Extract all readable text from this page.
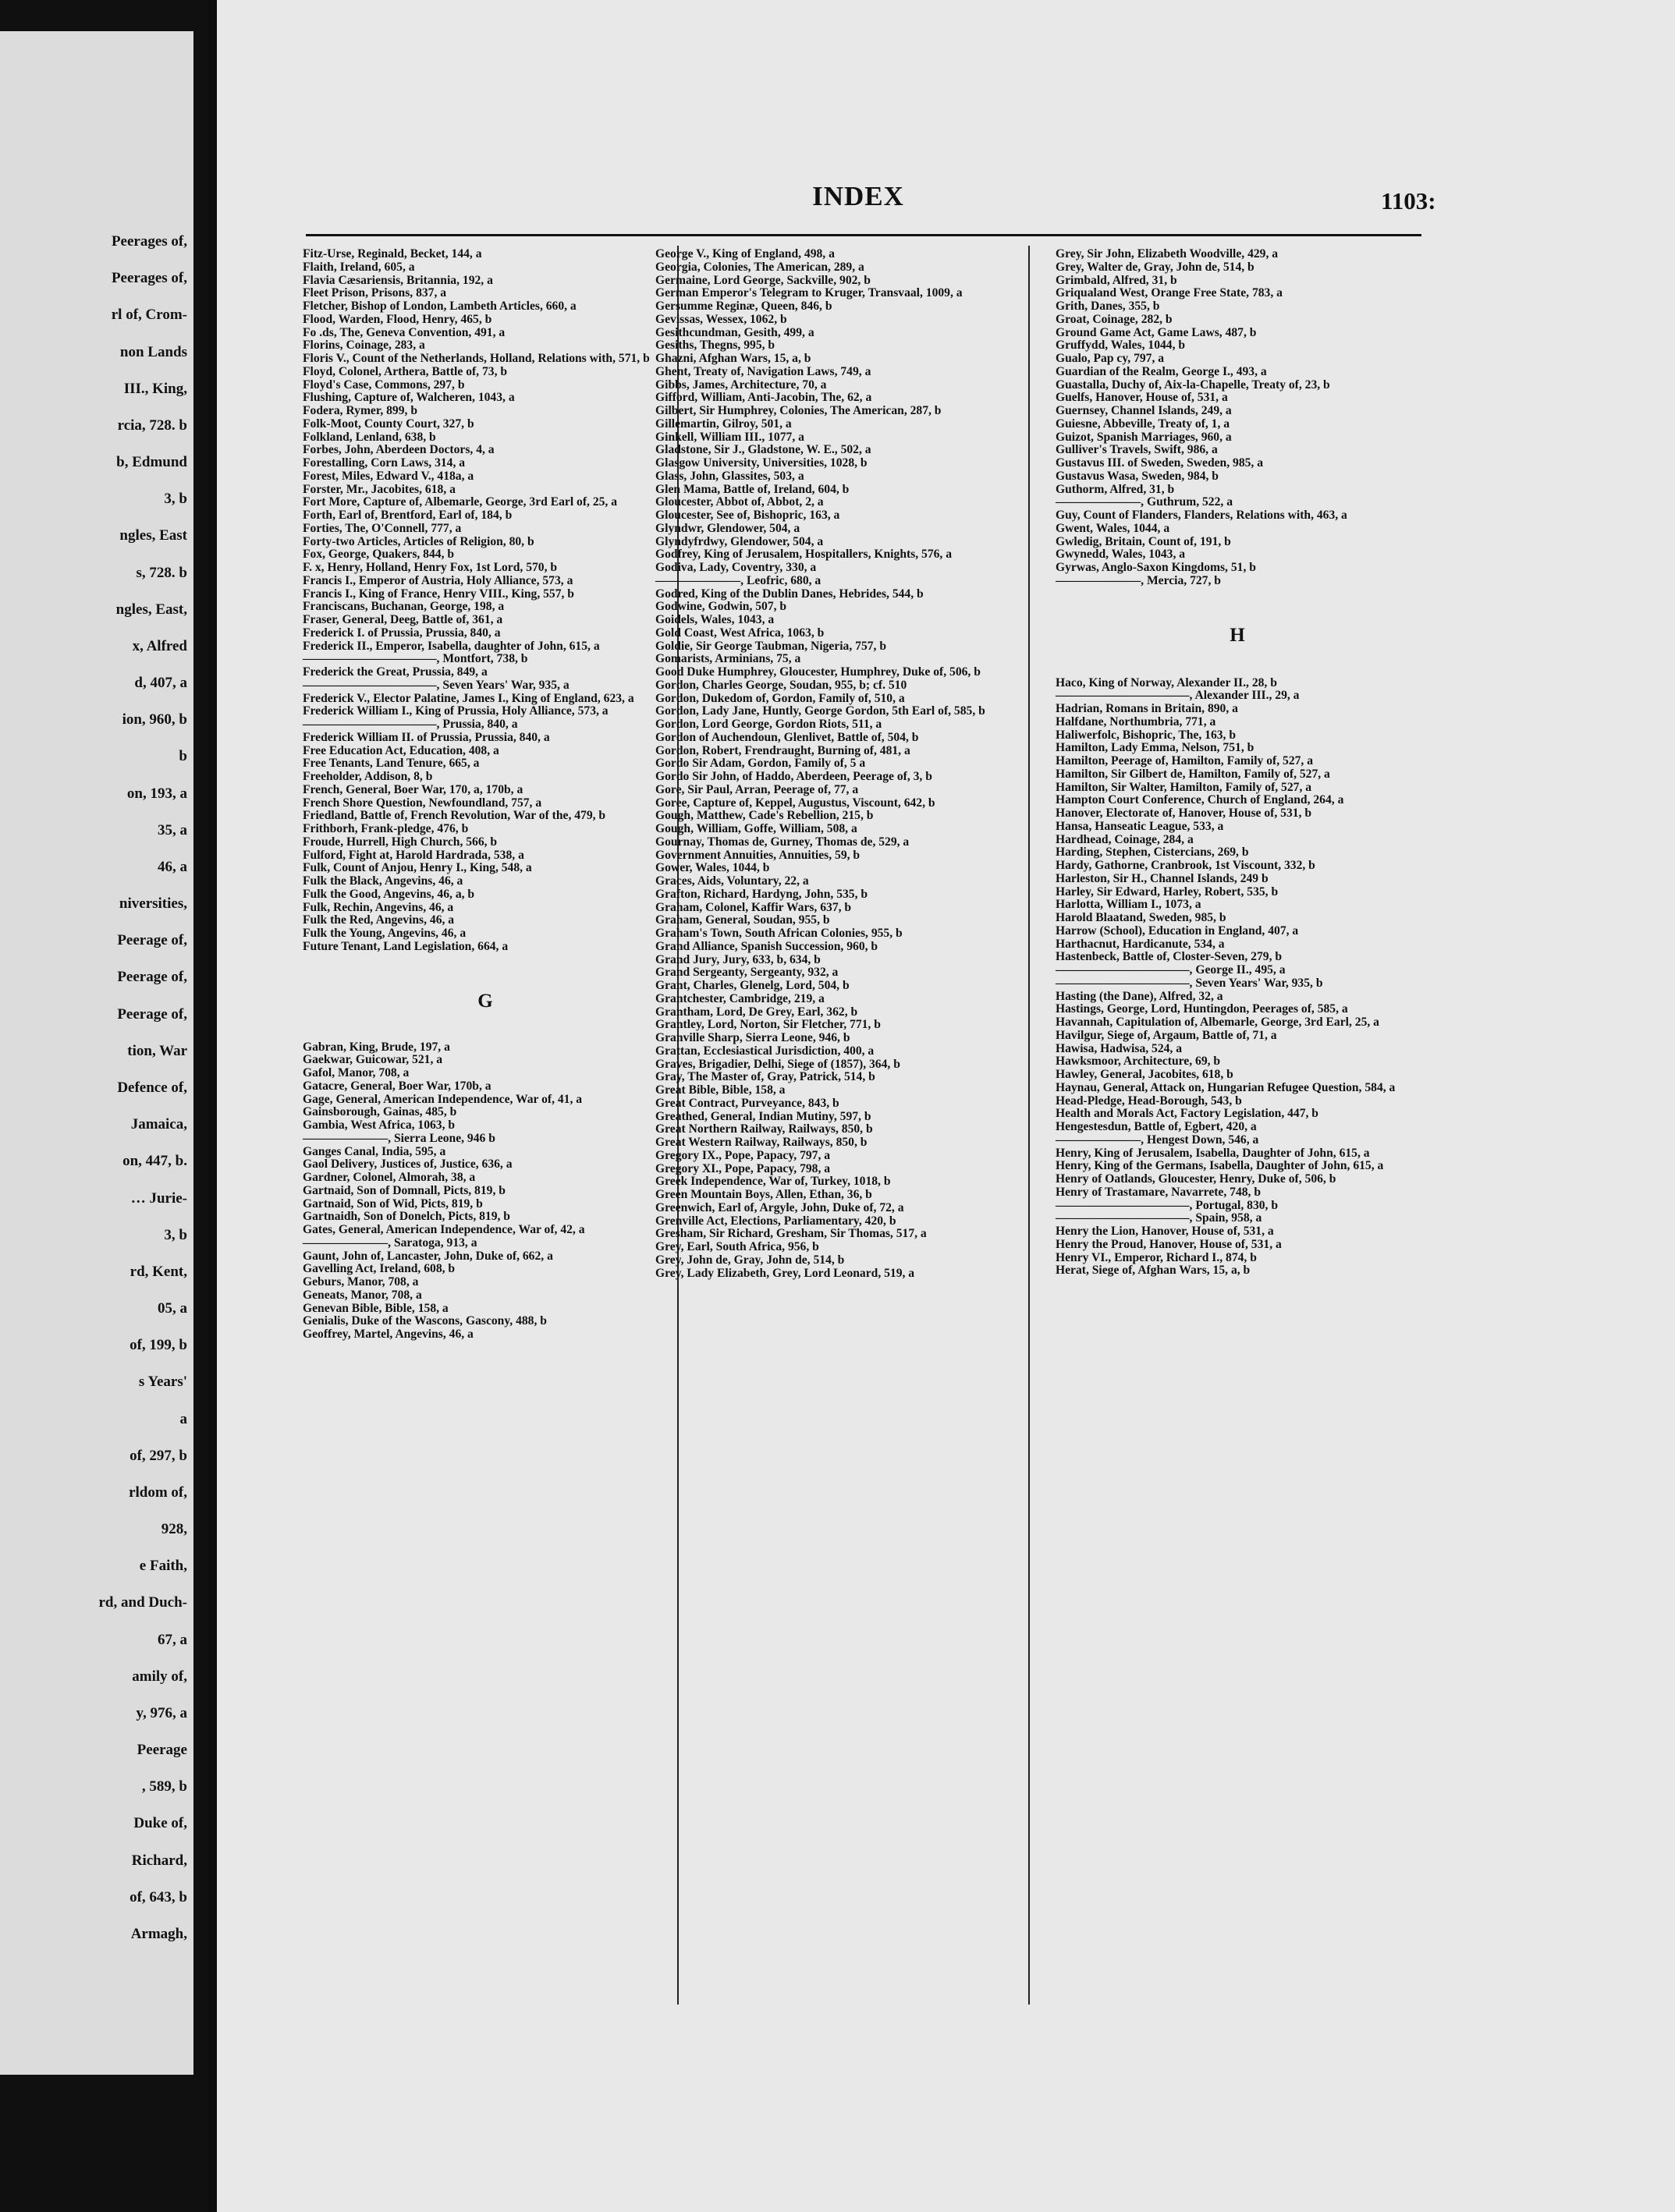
Peerages of,
Peerages of,
rl of, Crom-
non Lands
III., King,
rcia, 728. b
b, Edmund
3, b
ngles, East
s, 728. b
ngles, East,
x, Alfred
d, 407, a
ion, 960, b
b
on, 193, a
35, a
46, a
niversities,
Peerage of,
Peerage of,
Peerage of,
tion, War
Defence of,
Jamaica,
on, 447, b.
… Jurie-
3, b
rd, Kent,
05, a
of, 199, b
s Years'
a
of, 297, b
rldom of,
928,
e Faith,
rd, and Duch-
67, a
amily of,
y, 976, a
Peerage
, 589, b
Duke of,
Richard,
of, 643, b
Armagh,
INDEX	1103:

Fitz-Urse, Reginald, Becket, 144, a

Flaith, Ireland, 605, a

Flavia Cæsariensis, Britannia, 192, a

Fleet Prison, Prisons, 837, a

Fletcher, Bishop of London, Lambeth Articles, 660, a

Flood, Warden, Flood, Henry, 465, b

Fo .ds, The, Geneva Convention, 491, a

Florins, Coinage, 283, a

Floris V., Count of the Netherlands, Holland, Relations with, 571, b

Floyd, Colonel, Arthera, Battle of, 73, b

Floyd's Case, Commons, 297, b

Flushing, Capture of, Walcheren, 1043, a

Fodera, Rymer, 899, b

Folk-Moot, County Court, 327, b

Folkland, Lenland, 638, b

Forbes, John, Aberdeen Doctors, 4, a

Forestalling, Corn Laws, 314, a

Forest, Miles, Edward V., 418a, a

Forster, Mr., Jacobites, 618, a

Fort More, Capture of, Albemarle, George, 3rd Earl of, 25, a

Forth, Earl of, Brentford, Earl of, 184, b

Forties, The, O'Connell, 777, a

Forty-two Articles, Articles of Religion, 80, b

Fox, George, Quakers, 844, b

F. x, Henry, Holland, Henry Fox, 1st Lord, 570, b

Francis I., Emperor of Austria, Holy Alliance, 573, a

Francis I., King of France, Henry VIII., King, 557, b

Franciscans, Buchanan, George, 198, a

Fraser, General, Deeg, Battle of, 361, a

Frederick I. of Prussia, Prussia, 840, a

Frederick II., Emperor, Isabella, daughter of John, 615, a

———————————, Montfort, 738, b

Frederick the Great, Prussia, 849, a

———————————, Seven Years' War, 935, a

Frederick V., Elector Palatine, James I., King of England, 623, a

Frederick William I., King of Prussia, Holy Alliance, 573, a

———————————, Prussia, 840, a

Frederick William II. of Prussia, Prussia, 840, a

Free Education Act, Education, 408, a

Free Tenants, Land Tenure, 665, a

Freeholder, Addison, 8, b

French, General, Boer War, 170, a, 170b, a

French Shore Question, Newfoundland, 757, a

Friedland, Battle of, French Revolution, War of the, 479, b

Frithborh, Frank-pledge, 476, b

Froude, Hurrell, High Church, 566, b

Fulford, Fight at, Harold Hardrada, 538, a

Fulk, Count of Anjou, Henry I., King, 548, a

Fulk the Black, Angevins, 46, a

Fulk the Good, Angevins, 46, a, b

Fulk, Rechin, Angevins, 46, a

Fulk the Red, Angevins, 46, a

Fulk the Young, Angevins, 46, a

Future Tenant, Land Legislation, 664, a

G

Gabran, King, Brude, 197, a

Gaekwar, Guicowar, 521, a

Gafol, Manor, 708, a

Gatacre, General, Boer War, 170b, a

Gage, General, American Independence, War of, 41, a

Gainsborough, Gainas, 485, b

Gambia, West Africa, 1063, b

———————, Sierra Leone, 946 b

Ganges Canal, India, 595, a

Gaol Delivery, Justices of, Justice, 636, a

Gardner, Colonel, Almorah, 38, a

Gartnaid, Son of Domnall, Picts, 819, b

Gartnaid, Son of Wid, Picts, 819, b

Gartnaidh, Son of Donelch, Picts, 819, b

Gates, General, American Independence, War of, 42, a

———————, Saratoga, 913, a

Gaunt, John of, Lancaster, John, Duke of, 662, a

Gavelling Act, Ireland, 608, b

Geburs, Manor, 708, a

Geneats, Manor, 708, a

Genevan Bible, Bible, 158, a

Genialis, Duke of the Wascons, Gascony, 488, b

Geoffrey, Martel, Angevins, 46, a

George V., King of England, 498, a

Georgia, Colonies, The American, 289, a

Germaine, Lord George, Sackville, 902, b

German Emperor's Telegram to Kruger, Transvaal, 1009, a

Gersumme Reginæ, Queen, 846, b

Gevissas, Wessex, 1062, b

Gesithcundman, Gesith, 499, a

Gesiths, Thegns, 995, b

Ghazni, Afghan Wars, 15, a, b

Ghent, Treaty of, Navigation Laws, 749, a

Gibbs, James, Architecture, 70, a

Gifford, William, Anti-Jacobin, The, 62, a

Gilbert, Sir Humphrey, Colonies, The American, 287, b

Gillemartin, Gilroy, 501, a

Ginkell, William III., 1077, a

Gladstone, Sir J., Gladstone, W. E., 502, a

Glasgow University, Universities, 1028, b

Glass, John, Glassites, 503, a

Glen Mama, Battle of, Ireland, 604, b

Gloucester, Abbot of, Abbot, 2, a

Gloucester, See of, Bishopric, 163, a

Glyndwr, Glendower, 504, a

Glyndyfrdwy, Glendower, 504, a

Godfrey, King of Jerusalem, Hospitallers, Knights, 576, a

Godiva, Lady, Coventry, 330, a

———————, Leofric, 680, a

Godred, King of the Dublin Danes, Hebrides, 544, b

Godwine, Godwin, 507, b

Goidels, Wales, 1043, a

Gold Coast, West Africa, 1063, b

Goldie, Sir George Taubman, Nigeria, 757, b

Gomarists, Arminians, 75, a

Good Duke Humphrey, Gloucester, Humphrey, Duke of, 506, b

Gordon, Charles George, Soudan, 955, b; cf. 510

Gordon, Dukedom of, Gordon, Family of, 510, a

Gordon, Lady Jane, Huntly, George Gordon, 5th Earl of, 585, b

Gordon, Lord George, Gordon Riots, 511, a

Gordon of Auchendoun, Glenlivet, Battle of, 504, b

Gordon, Robert, Frendraught, Burning of, 481, a

Gordo Sir Adam, Gordon, Family of, 5 a

Gordo Sir John, of Haddo, Aberdeen, Peerage of, 3, b

Gore, Sir Paul, Arran, Peerage of, 77, a

Goree, Capture of, Keppel, Augustus, Viscount, 642, b

Gough, Matthew, Cade's Rebellion, 215, b

Gough, William, Goffe, William, 508, a

Gournay, Thomas de, Gurney, Thomas de, 529, a

Government Annuities, Annuities, 59, b

Gower, Wales, 1044, b

Graces, Aids, Voluntary, 22, a

Grafton, Richard, Hardyng, John, 535, b

Graham, Colonel, Kaffir Wars, 637, b

Graham, General, Soudan, 955, b

Graham's Town, South African Colonies, 955, b

Grand Alliance, Spanish Succession, 960, b

Grand Jury, Jury, 633, b, 634, b

Grand Sergeanty, Sergeanty, 932, a

Grant, Charles, Glenelg, Lord, 504, b

Grantchester, Cambridge, 219, a

Grantham, Lord, De Grey, Earl, 362, b

Grantley, Lord, Norton, Sir Fletcher, 771, b

Granville Sharp, Sierra Leone, 946, b

Grattan, Ecclesiastical Jurisdiction, 400, a

Graves, Brigadier, Delhi, Siege of (1857), 364, b

Gray, The Master of, Gray, Patrick, 514, b

Great Bible, Bible, 158, a

Great Contract, Purveyance, 843, b

Greathed, General, Indian Mutiny, 597, b

Great Northern Railway, Railways, 850, b

Great Western Railway, Railways, 850, b

Gregory IX., Pope, Papacy, 797, a

Gregory XI., Pope, Papacy, 798, a

Greek Independence, War of, Turkey, 1018, b

Green Mountain Boys, Allen, Ethan, 36, b

Greenwich, Earl of, Argyle, John, Duke of, 72, a

Grenville Act, Elections, Parliamentary, 420, b

Gresham, Sir Richard, Gresham, Sir Thomas, 517, a

Grey, Earl, South Africa, 956, b

Grey, John de, Gray, John de, 514, b

Grey, Lady Elizabeth, Grey, Lord Leonard, 519, a

Grey, Sir John, Elizabeth Woodville, 429, a

Grey, Walter de, Gray, John de, 514, b

Grimbald, Alfred, 31, b

Griqualand West, Orange Free State, 783, a

Grith, Danes, 355, b

Groat, Coinage, 282, b

Ground Game Act, Game Laws, 487, b

Gruffydd, Wales, 1044, b

Gualo, Pap cy, 797, a

Guardian of the Realm, George I., 493, a

Guastalla, Duchy of, Aix-la-Chapelle, Treaty of, 23, b

Guelfs, Hanover, House of, 531, a

Guernsey, Channel Islands, 249, a

Guiesne, Abbeville, Treaty of, 1, a

Guizot, Spanish Marriages, 960, a

Gulliver's Travels, Swift, 986, a

Gustavus III. of Sweden, Sweden, 985, a

Gustavus Wasa, Sweden, 984, b

Guthorm, Alfred, 31, b

———————, Guthrum, 522, a

Guy, Count of Flanders, Flanders, Relations with, 463, a

Gwent, Wales, 1044, a

Gwledig, Britain, Count of, 191, b

Gwynedd, Wales, 1043, a

Gyrwas, Anglo-Saxon Kingdoms, 51, b

———————, Mercia, 727, b

H

Haco, King of Norway, Alexander II., 28, b

———————————, Alexander III., 29, a

Hadrian, Romans in Britain, 890, a

Halfdane, Northumbria, 771, a

Haliwerfolc, Bishopric, The, 163, b

Hamilton, Lady Emma, Nelson, 751, b

Hamilton, Peerage of, Hamilton, Family of, 527, a

Hamilton, Sir Gilbert de, Hamilton, Family of, 527, a

Hamilton, Sir Walter, Hamilton, Family of, 527, a

Hampton Court Conference, Church of England, 264, a

Hanover, Electorate of, Hanover, House of, 531, b

Hansa, Hanseatic League, 533, a

Hardhead, Coinage, 284, a

Harding, Stephen, Cistercians, 269, b

Hardy, Gathorne, Cranbrook, 1st Viscount, 332, b

Harleston, Sir H., Channel Islands, 249 b

Harley, Sir Edward, Harley, Robert, 535, b

Harlotta, William I., 1073, a

Harold Blaatand, Sweden, 985, b

Harrow (School), Education in England, 407, a

Harthacnut, Hardicanute, 534, a

Hastenbeck, Battle of, Closter-Seven, 279, b

———————————, George II., 495, a

———————————, Seven Years' War, 935, b

Hasting (the Dane), Alfred, 32, a

Hastings, George, Lord, Huntingdon, Peerages of, 585, a

Havannah, Capitulation of, Albemarle, George, 3rd Earl, 25, a

Havilgur, Siege of, Argaum, Battle of, 71, a

Hawisa, Hadwisa, 524, a

Hawksmoor, Architecture, 69, b

Hawley, General, Jacobites, 618, b

Haynau, General, Attack on, Hungarian Refugee Question, 584, a

Head-Pledge, Head-Borough, 543, b

Health and Morals Act, Factory Legislation, 447, b

Hengestesdun, Battle of, Egbert, 420, a

———————, Hengest Down, 546, a

Henry, King of Jerusalem, Isabella, Daughter of John, 615, a

Henry, King of the Germans, Isabella, Daughter of John, 615, a

Henry of Oatlands, Gloucester, Henry, Duke of, 506, b

Henry of Trastamare, Navarrete, 748, b

———————————, Portugal, 830, b

———————————, Spain, 958, a

Henry the Lion, Hanover, House of, 531, a

Henry the Proud, Hanover, House of, 531, a

Henry VI., Emperor, Richard I., 874, b

Herat, Siege of, Afghan Wars, 15, a, b
